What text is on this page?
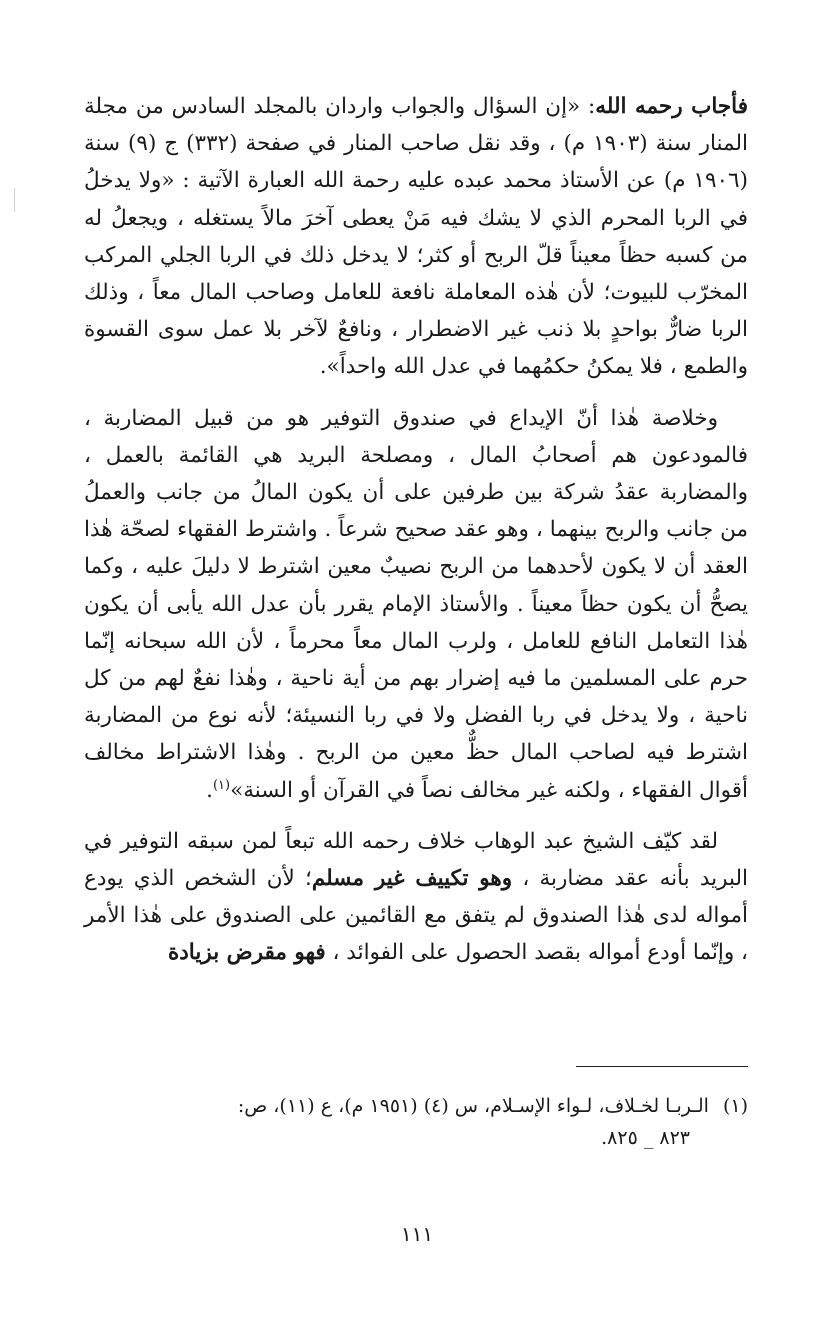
فأجاب رحمه الله: «إن السؤال والجواب واردان بالمجلد السادس من مجلة المنار سنة (١٩٠٣ م) ، وقد نقل صاحب المنار في صفحة (٣٣٢) ج (٩) سنة (١٩٠٦ م) عن الأستاذ محمد عبده عليه رحمة الله العبارة الآتية : «ولا يدخلُ في الربا المحرم الذي لا يشك فيه مَنْ يعطى آخرَ مالاً يستغله ، ويجعلُ له من كسبه حظاً معيناً قلّ الربح أو كثر؛ لا يدخل ذلك في الربا الجلي المركب المخرّب للبيوت؛ لأن هٰذه المعاملة نافعة للعامل وصاحب المال معاً ، وذلك الربا ضارٌّ بواحدٍ بلا ذنب غير الاضطرار ، ونافعٌ لآخر بلا عمل سوى القسوة والطمع ، فلا يمكنُ حكمُهما في عدل الله واحداً».

وخلاصة هٰذا أنّ الإيداع في صندوق التوفير هو من قبيل المضاربة ، فالمودعون هم أصحابُ المال ، ومصلحة البريد هي القائمة بالعمل ، والمضاربة عقدُ شركة بين طرفين على أن يكون المالُ من جانب والعملُ من جانب والربح بينهما ، وهو عقد صحيح شرعاً . واشترط الفقهاء لصحّة هٰذا العقد أن لا يكون لأحدهما من الربح نصيبٌ معين اشترط لا دليلَ عليه ، وكما يصحُّ أن يكون حظاً معيناً . والأستاذ الإمام يقرر بأن عدل الله يأبى أن يكون هٰذا التعامل النافع للعامل ، ولرب المال معاً محرماً ، لأن الله سبحانه إنّما حرم على المسلمين ما فيه إضرار بهم من أية ناحية ، وهٰذا نفعٌ لهم من كل ناحية ، ولا يدخل في ربا الفضل ولا في ربا النسيئة؛ لأنه نوع من المضاربة اشترط فيه لصاحب المال حظٌّ معين من الربح . وهٰذا الاشتراط مخالف أقوال الفقهاء ، ولكنه غير مخالف نصاً في القرآن أو السنة»$^{(١)}$.

لقد كيّف الشيخ عبد الوهاب خلاف رحمه الله تبعاً لمن سبقه التوفير في البريد بأنه عقد مضاربة ، وهو تكييف غير مسلم؛ لأن الشخص الذي يودع أمواله لدى هٰذا الصندوق لم يتفق مع القائمين على الصندوق على هٰذا الأمر ، وإنّما أودع أمواله بقصد الحصول على الفوائد ، فهو مقرض بزيادة

(١)الـربـا لخـلاف، لـواء الإسـلام، س (٤) (١٩٥١ م)، ع (١١)، ص:
٨٢٣ _ ٨٢٥.
١١١
